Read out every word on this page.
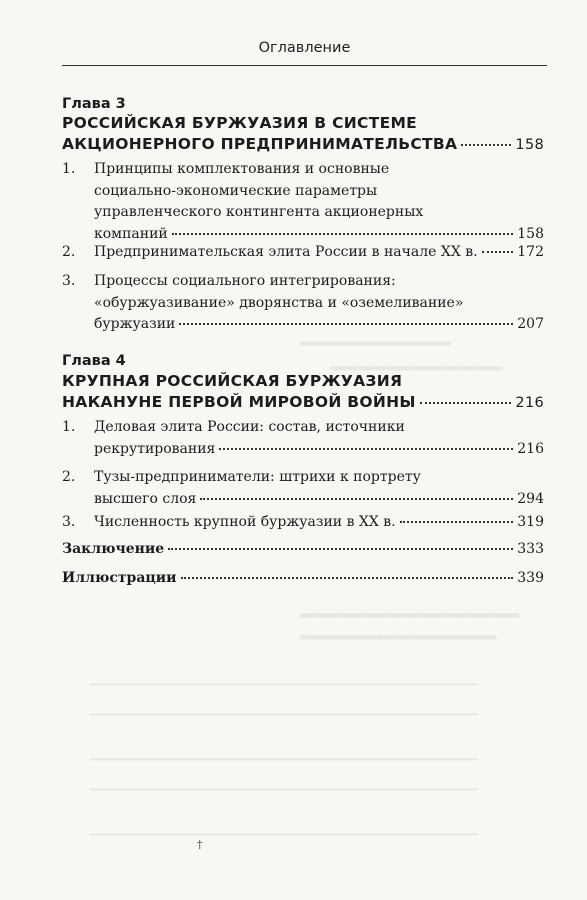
▂▂▂▂▂▂▂▂▂▂▂▂▂▂
▂▂▂▂▂▂▂▂▂▂▂▂▂▂▂▂
▂▂▂▂▂▂▂▂▂▂▂▂▂▂▂▂▂▂▂
▂▂▂▂▂▂▂▂▂▂▂▂▂▂▂▂▂
▁▁▁▁▁▁▁▁▁▁▁▁▁▁▁▁▁▁▁▁▁▁▁▁▁▁▁▁▁▁▁▁▁▁▁▁
▁▁▁▁▁▁▁▁▁▁▁▁▁▁▁▁▁▁▁▁▁▁▁▁▁▁▁▁▁▁▁▁▁▁▁▁
▁▁▁▁▁▁▁▁▁▁▁▁▁▁▁▁▁▁▁▁▁▁▁▁▁▁▁▁▁▁▁▁▁▁▁▁
▁▁▁▁▁▁▁▁▁▁▁▁▁▁▁▁▁▁▁▁▁▁▁▁▁▁▁▁▁▁▁▁▁▁▁▁
▁▁▁▁▁▁▁▁▁▁▁▁▁▁▁▁▁▁▁▁▁▁▁▁▁▁▁▁▁▁▁▁▁▁▁▁
Оглавление
Глава 3
РОССИЙСКАЯ БУРЖУАЗИЯ В СИСТЕМЕ
АКЦИОНЕРНОГО ПРЕДПРИНИМАТЕЛЬСТВА	158
1. Принципы комплектования и основные
социально-экономические параметры
управленческого контингента акционерных
компаний	158
2. Предпринимательская элита России в начале XX в.	172
3. Процессы социального интегрирования:
«обуржуазивание» дворянства и «оземеливание»
буржуазии	207
Глава 4
КРУПНАЯ РОССИЙСКАЯ БУРЖУАЗИЯ
НАКАНУНЕ ПЕРВОЙ МИРОВОЙ ВОЙНЫ	216
1. Деловая элита России: состав, источники
рекрутирования	216
2. Тузы-предприниматели: штрихи к портрету
высшего слоя	294
3. Численность крупной буржуазии в XX в.	319
Заключение	333
Иллюстрации	339
†
